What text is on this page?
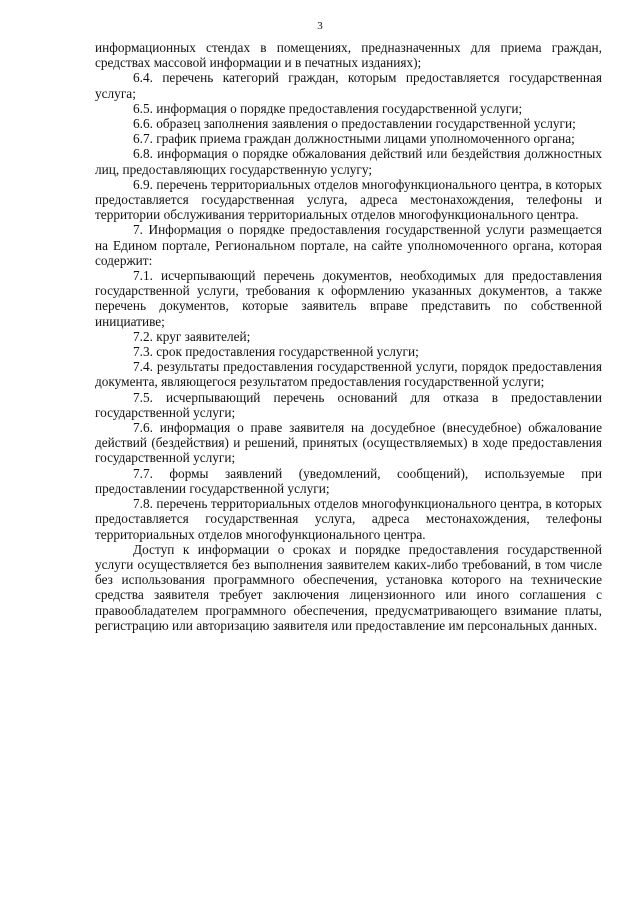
3

информационных стендах в помещениях, предназначенных для приема граждан, средствах массовой информации и в печатных изданиях);

6.4. перечень категорий граждан, которым предоставляется государственная услуга;

6.5. информация о порядке предоставления государственной услуги;

6.6. образец заполнения заявления о предоставлении государственной услуги;

6.7. график приема граждан должностными лицами уполномоченного органа;

6.8. информация о порядке обжалования действий или бездействия должностных лиц, предоставляющих государственную услугу;

6.9. перечень территориальных отделов многофункционального центра, в которых предоставляется государственная услуга, адреса местонахождения, телефоны и территории обслуживания территориальных отделов многофункционального центра.

7. Информация о порядке предоставления государственной услуги размещается на Едином портале, Региональном портале, на сайте уполномоченного органа, которая содержит:

7.1. исчерпывающий перечень документов, необходимых для предоставления государственной услуги, требования к оформлению указанных документов, а также перечень документов, которые заявитель вправе представить по собственной инициативе;

7.2. круг заявителей;

7.3. срок предоставления государственной услуги;

7.4. результаты предоставления государственной услуги, порядок предоставления документа, являющегося результатом предоставления государственной услуги;

7.5. исчерпывающий перечень оснований для отказа в предоставлении государственной услуги;

7.6. информация о праве заявителя на досудебное (внесудебное) обжалование действий (бездействия) и решений, принятых (осуществляемых) в ходе предоставления государственной услуги;

7.7. формы заявлений (уведомлений, сообщений), используемые при предоставлении государственной услуги;

7.8. перечень территориальных отделов многофункционального центра, в которых предоставляется государственная услуга, адреса местонахождения, телефоны территориальных отделов многофункционального центра.

Доступ к информации о сроках и порядке предоставления государственной услуги осуществляется без выполнения заявителем каких-либо требований, в том числе без использования программного обеспечения, установка которого на технические средства заявителя требует заключения лицензионного или иного соглашения с правообладателем программного обеспечения, предусматривающего взимание платы, регистрацию или авторизацию заявителя или предоставление им персональных данных.
